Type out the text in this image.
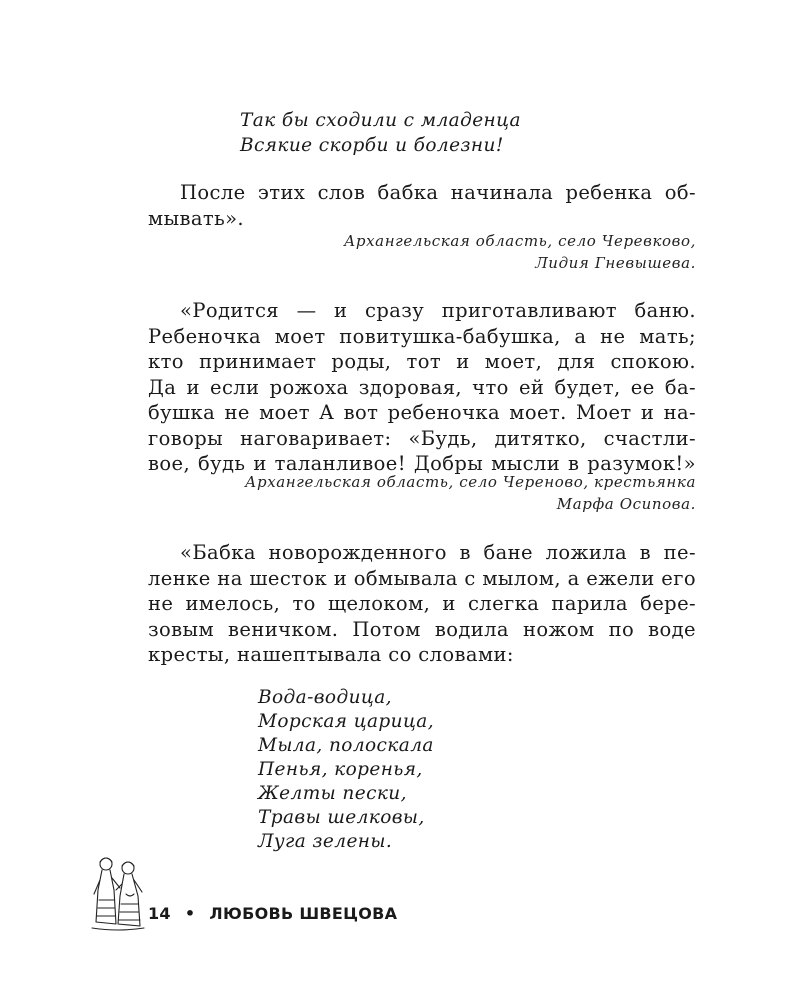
Так бы сходили с младенца
Всякие скорби и болезни!
После этих слов бабка начинала ребенка об-
мывать».
Архангельская область, село Черевково,
Лидия Гневышева.
«Родится — и сразу приготавливают баню.
Ребеночка моет повитушка-бабушка, а не мать;
кто принимает роды, тот и моет, для спокою.
Да и если рожоха здоровая, что ей будет, ее ба-
бушка не моет А вот ребеночка моет. Моет и на-
говоры наговаривает: «Будь, дитятко, счастли-
вое, будь и таланливое! Добры мысли в разумок!»
Архангельская область, село Череново, крестьянка
Марфа Осипова.
«Бабка новорожденного в бане ложила в пе-
ленке на шесток и обмывала с мылом, а ежели его
не имелось, то щелоком, и слегка парила бере-
зовым веничком. Потом водила ножом по воде
кресты, нашептывала со словами:
Вода-водица,
Морская царица,
Мыла, полоскала
Пенья, коренья,
Желты пески,
Травы шелковы,
Луга зелены.
14 • ЛЮБОВЬ ШВЕЦОВА
